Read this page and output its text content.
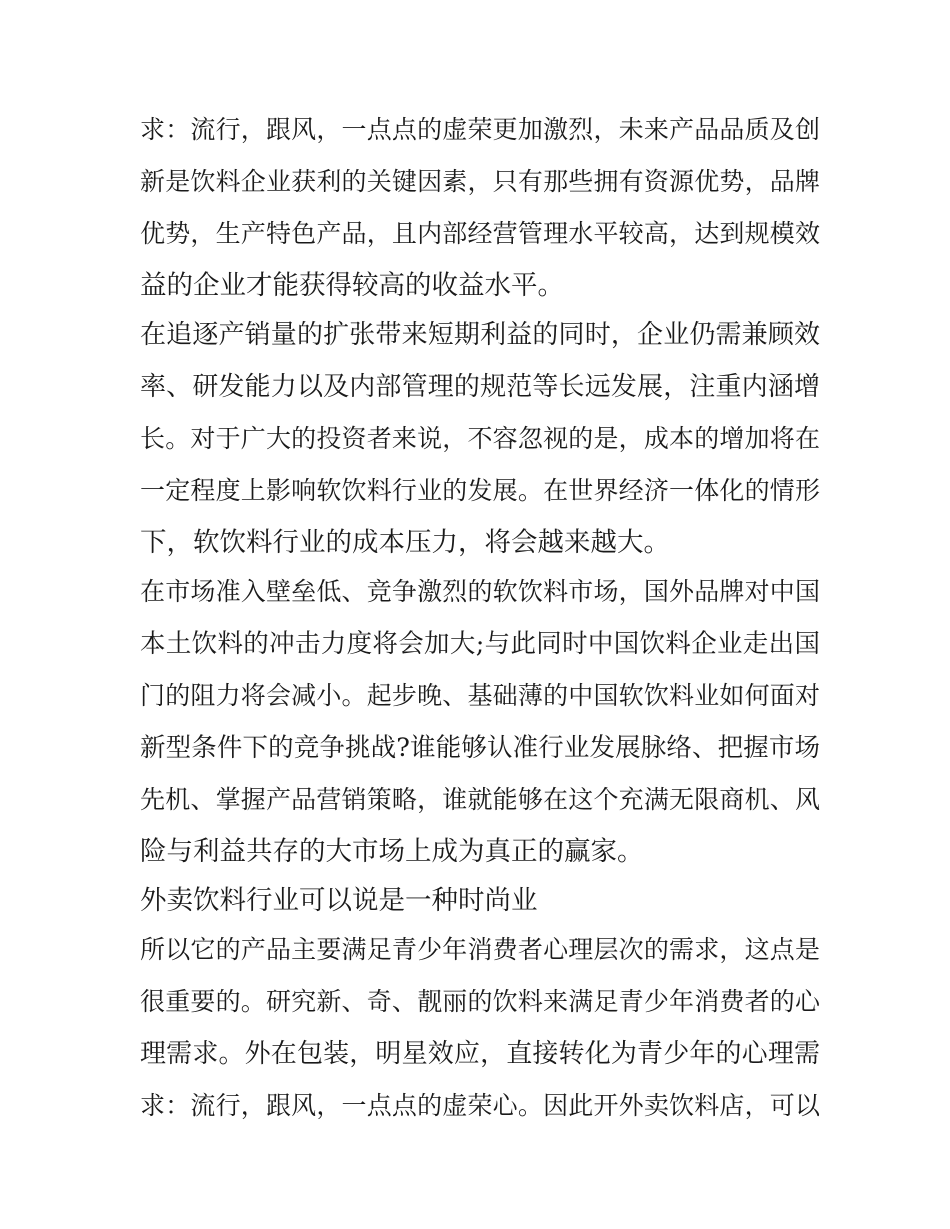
求：流行，跟风，一点点的虚荣更加激烈，未来产品品质及创
新是饮料企业获利的关键因素，只有那些拥有资源优势，品牌
优势，生产特色产品，且内部经营管理水平较高，达到规模效
益的企业才能获得较高的收益水平。
在追逐产销量的扩张带来短期利益的同时，企业仍需兼顾效
率、研发能力以及内部管理的规范等长远发展，注重内涵增
长。对于广大的投资者来说，不容忽视的是，成本的增加将在
一定程度上影响软饮料行业的发展。在世界经济一体化的情形
下，软饮料行业的成本压力，将会越来越大。
在市场准入壁垒低、竞争激烈的软饮料市场，国外品牌对中国
本土饮料的冲击力度将会加大;与此同时中国饮料企业走出国
门的阻力将会减小。起步晚、基础薄的中国软饮料业如何面对
新型条件下的竞争挑战?谁能够认准行业发展脉络、把握市场
先机、掌握产品营销策略，谁就能够在这个充满无限商机、风
险与利益共存的大市场上成为真正的赢家。
外卖饮料行业可以说是一种时尚业
所以它的产品主要满足青少年消费者心理层次的需求，这点是
很重要的。研究新、奇、靓丽的饮料来满足青少年消费者的心
理需求。外在包装，明星效应，直接转化为青少年的心理需
求：流行，跟风，一点点的虚荣心。因此开外卖饮料店，可以
